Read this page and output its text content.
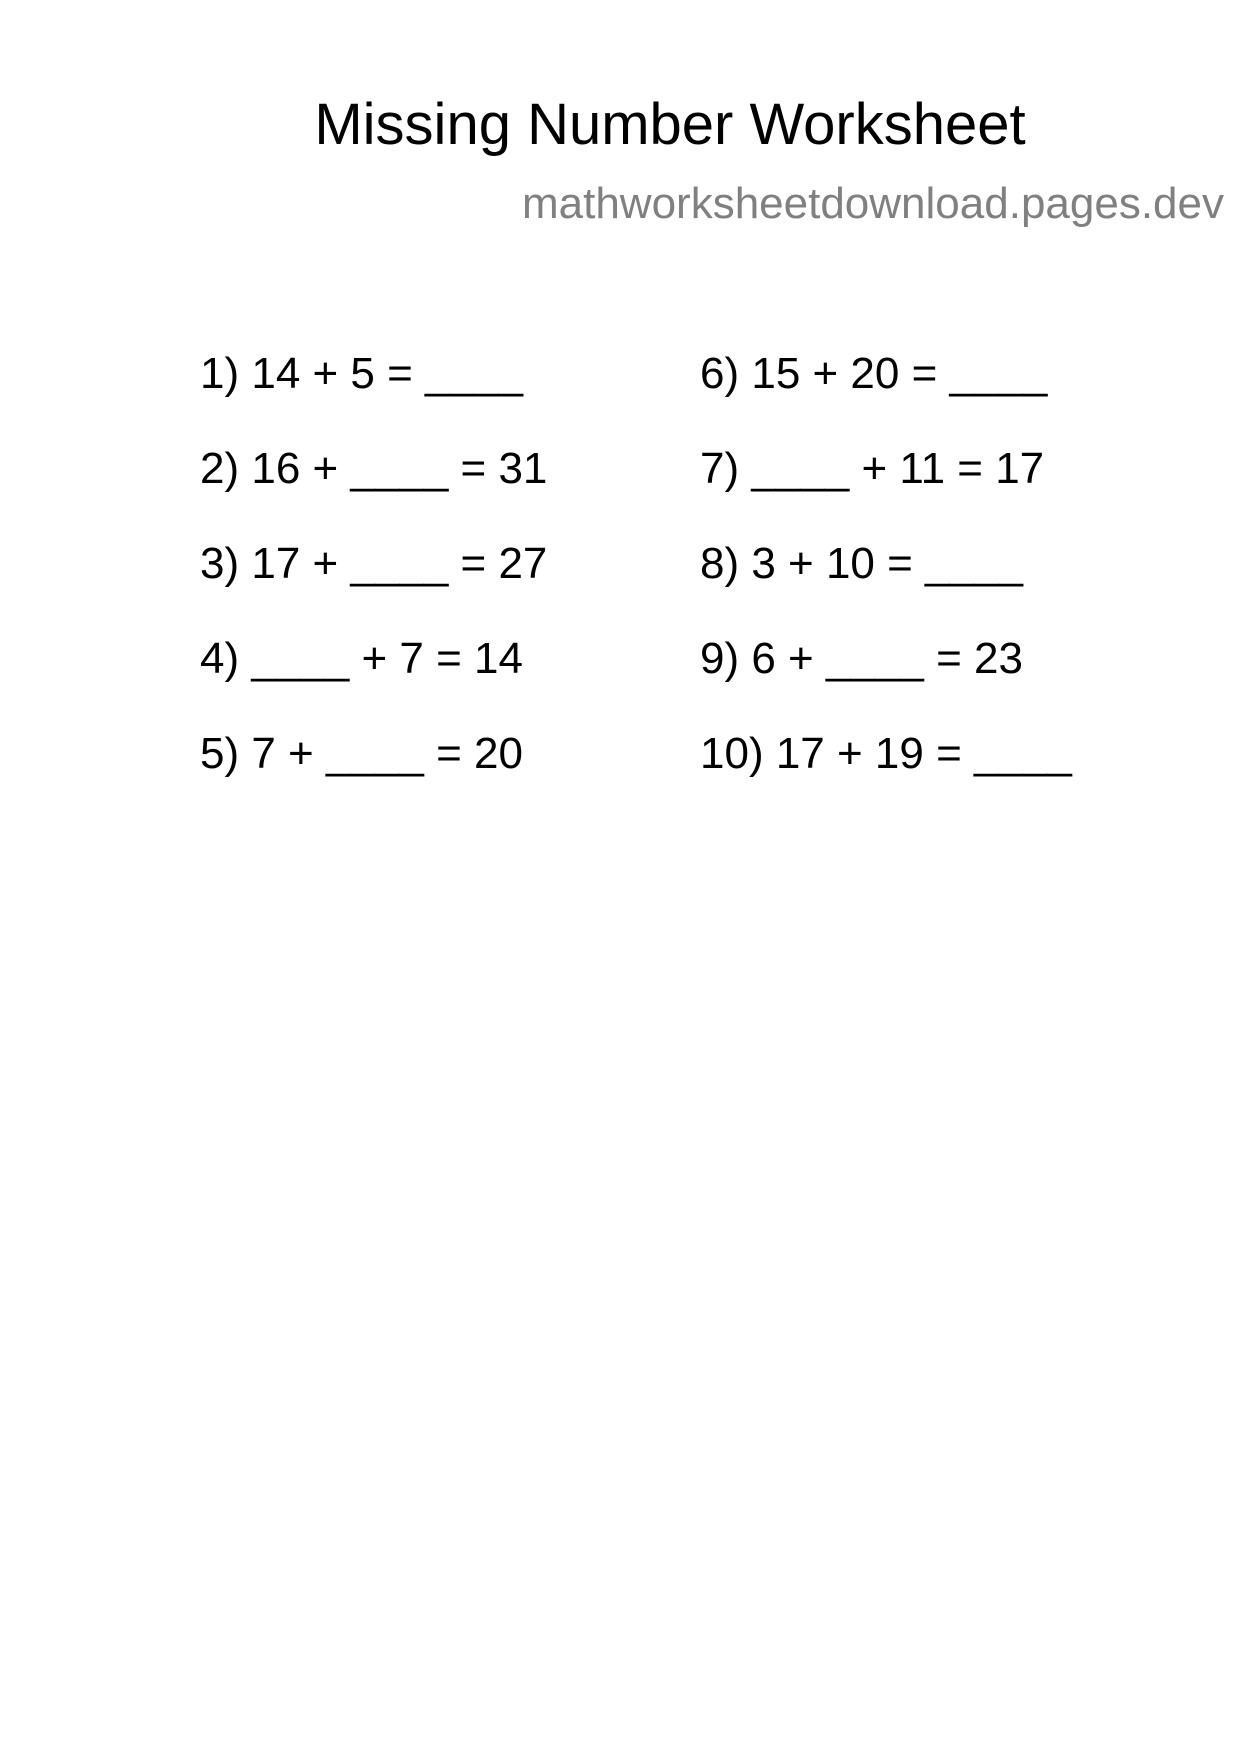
Missing Number Worksheet
mathworksheetdownload.pages.dev
1) 14 + 5 = ____
2) 16 + ____ = 31
3) 17 + ____ = 27
4) ____ + 7 = 14
5) 7 + ____ = 20
6) 15 + 20 = ____
7) ____ + 11 = 17
8) 3 + 10 = ____
9) 6 + ____ = 23
10) 17 + 19 = ____
